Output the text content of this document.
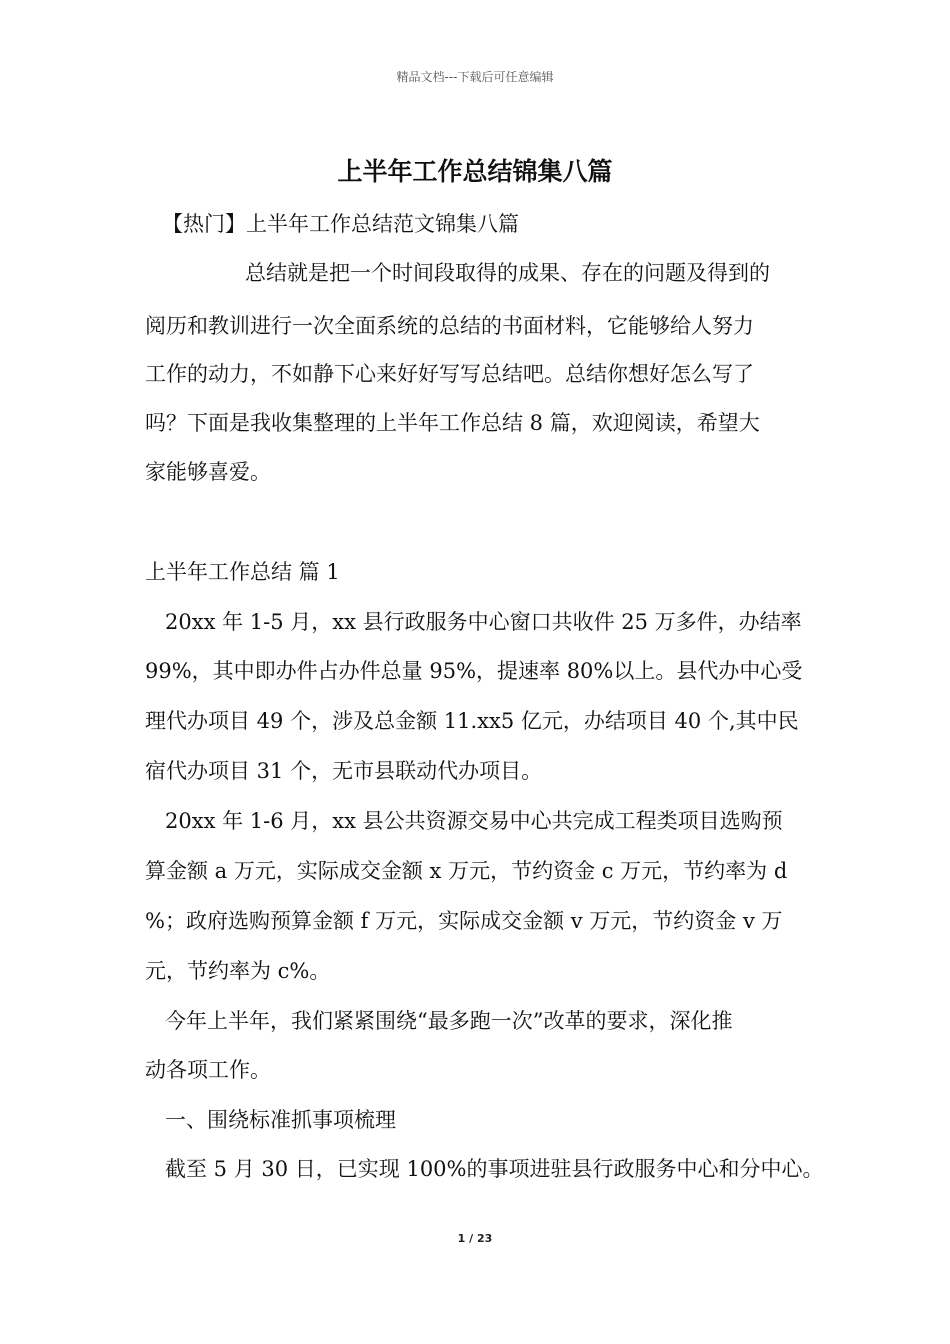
精品文档---下载后可任意编辑
上半年工作总结锦集八篇
【热门】上半年工作总结范文锦集八篇
总结就是把一个时间段取得的成果、存在的问题及得到的
阅历和教训进行一次全面系统的总结的书面材料，它能够给人努力
工作的动力，不如静下心来好好写写总结吧。总结你想好怎么写了
吗？下面是我收集整理的上半年工作总结 8 篇，欢迎阅读，希望大
家能够喜爱。
上半年工作总结 篇 1
20xx 年 1-5 月，xx 县行政服务中心窗口共收件 25 万多件，办结率
99%，其中即办件占办件总量 95%，提速率 80%以上。县代办中心受
理代办项目 49 个，涉及总金额 11.xx5 亿元，办结项目 40 个,其中民
宿代办项目 31 个，无市县联动代办项目。
20xx 年 1-6 月，xx 县公共资源交易中心共完成工程类项目选购预
算金额 a 万元，实际成交金额 x 万元，节约资金 c 万元，节约率为 d
%；政府选购预算金额 f 万元，实际成交金额 v 万元，节约资金 v 万
元，节约率为 c%。
今年上半年，我们紧紧围绕“最多跑一次”改革的要求，深化推
动各项工作。
一、围绕标准抓事项梳理
截至 5 月 30 日，已实现 100%的事项进驻县行政服务中心和分中心。
1 / 23
